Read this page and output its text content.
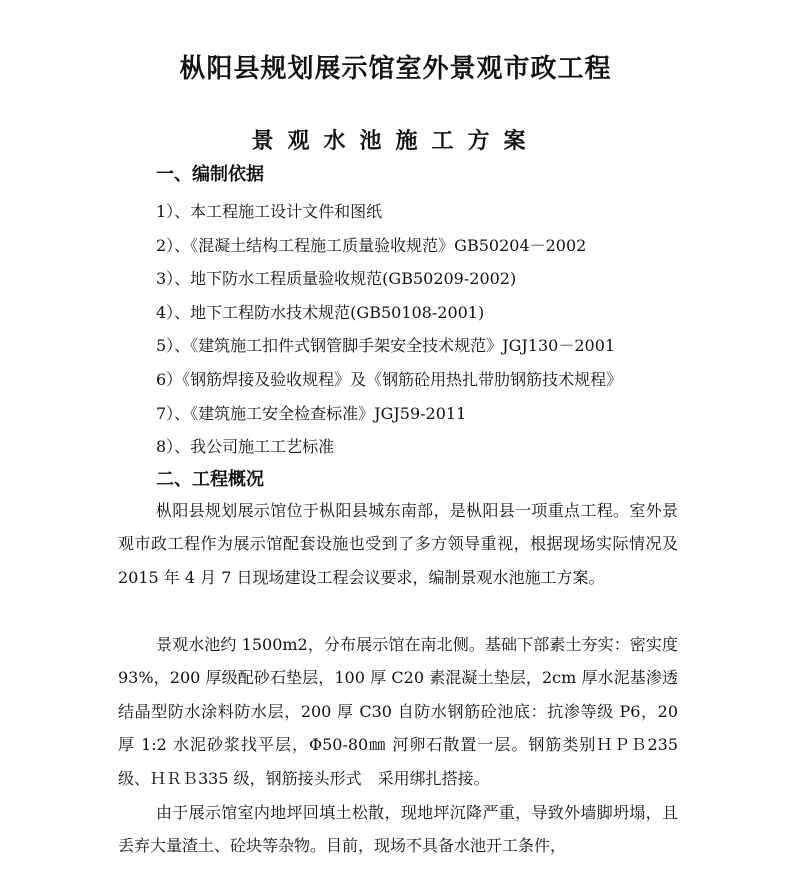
枞阳县规划展示馆室外景观市政工程
景观水池施工方案
一、编制依据
1）、本工程施工设计文件和图纸
2）、《混凝土结构工程施工质量验收规范》GB50204－2002
3）、地下防水工程质量验收规范(GB50209-2002)
4）、地下工程防水技术规范(GB50108-2001)
5）、《建筑施工扣件式钢管脚手架安全技术规范》JGJ130－2001
6）《钢筋焊接及验收规程》及《钢筋砼用热扎带肋钢筋技术规程》
7）、《建筑施工安全检查标准》JGJ59-2011
8）、我公司施工工艺标准
二、工程概况

枞阳县规划展示馆位于枞阳县城东南部，是枞阳县一项重点工程。室外景观市政工程作为展示馆配套设施也受到了多方领导重视，根据现场实际情况及 2015 年 4 月 7 日现场建设工程会议要求，编制景观水池施工方案。

景观水池约 1500m2，分布展示馆在南北侧。基础下部素土夯实：密实度 93%，200 厚级配砂石垫层，100 厚 C20 素混凝土垫层，2cm 厚水泥基渗透结晶型防水涂料防水层，200 厚 C30 自防水钢筋砼池底：抗渗等级 P6，20 厚 1:2 水泥砂浆找平层，Φ50-80㎜ 河卵石散置一层。钢筋类别ＨＰＢ235 级、ＨＲＢ335 级，钢筋接头形式　采用绑扎搭接。

由于展示馆室内地坪回填土松散，现地坪沉降严重，导致外墙脚坍塌，且丢弃大量渣土、砼块等杂物。目前，现场不具备水池开工条件，
